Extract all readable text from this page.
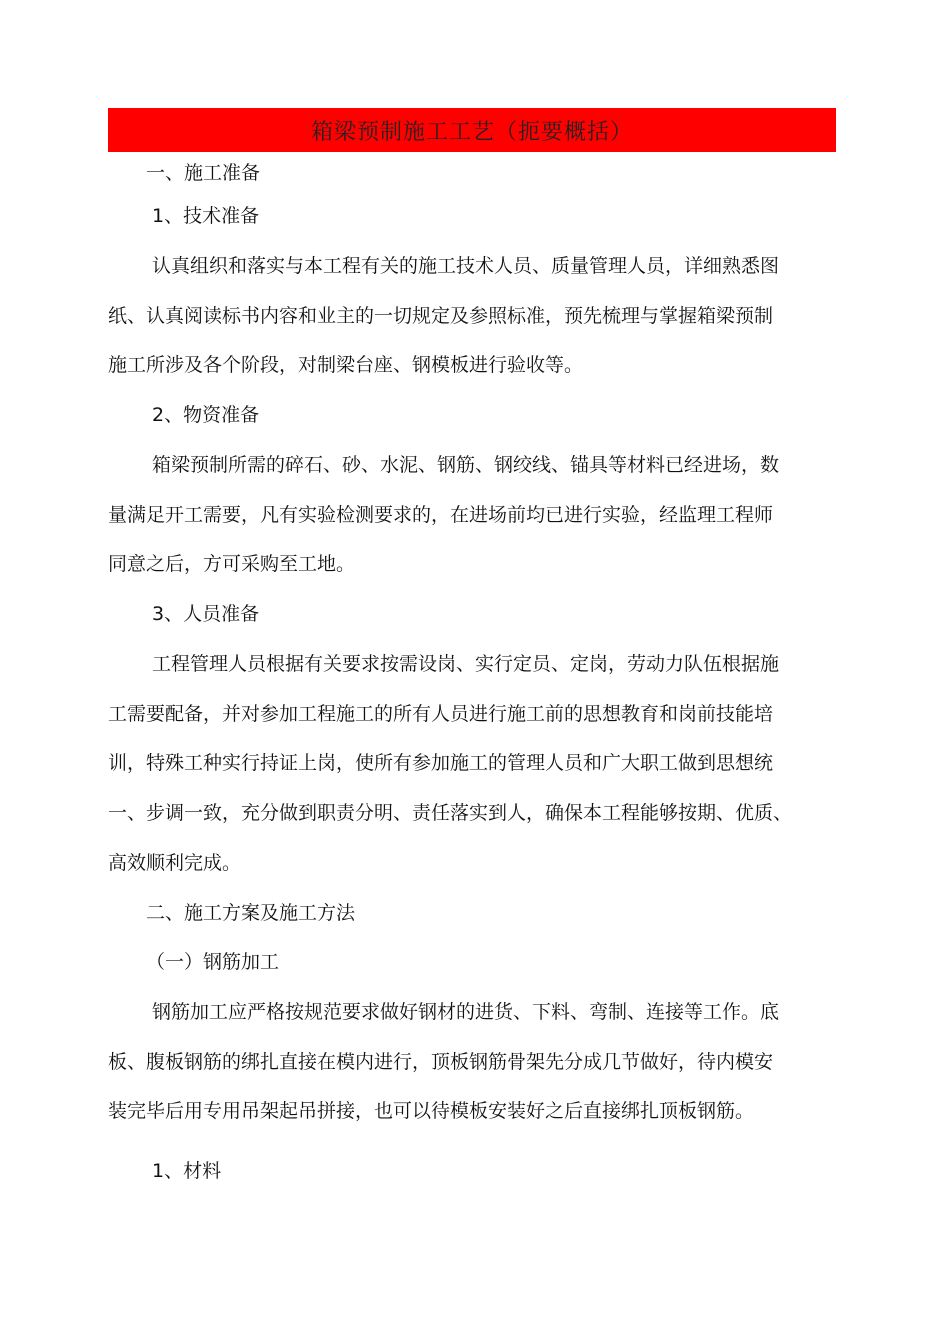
箱梁预制施工工艺（扼要概括）
一、施工准备
1、技术准备
认真组织和落实与本工程有关的施工技术人员、质量管理人员，详细熟悉图
纸、认真阅读标书内容和业主的一切规定及参照标准，预先梳理与掌握箱梁预制
施工所涉及各个阶段，对制梁台座、钢模板进行验收等。
2、物资准备
箱梁预制所需的碎石、砂、水泥、钢筋、钢绞线、锚具等材料已经进场，数
量满足开工需要，凡有实验检测要求的，在进场前均已进行实验，经监理工程师
同意之后，方可采购至工地。
3、人员准备
工程管理人员根据有关要求按需设岗、实行定员、定岗，劳动力队伍根据施
工需要配备，并对参加工程施工的所有人员进行施工前的思想教育和岗前技能培
训，特殊工种实行持证上岗，使所有参加施工的管理人员和广大职工做到思想统
一、步调一致，充分做到职责分明、责任落实到人，确保本工程能够按期、优质、
高效顺利完成。
二、施工方案及施工方法
（一）钢筋加工
钢筋加工应严格按规范要求做好钢材的进货、下料、弯制、连接等工作。底
板、腹板钢筋的绑扎直接在模内进行，顶板钢筋骨架先分成几节做好，待内模安
装完毕后用专用吊架起吊拼接，也可以待模板安装好之后直接绑扎顶板钢筋。
1、材料
